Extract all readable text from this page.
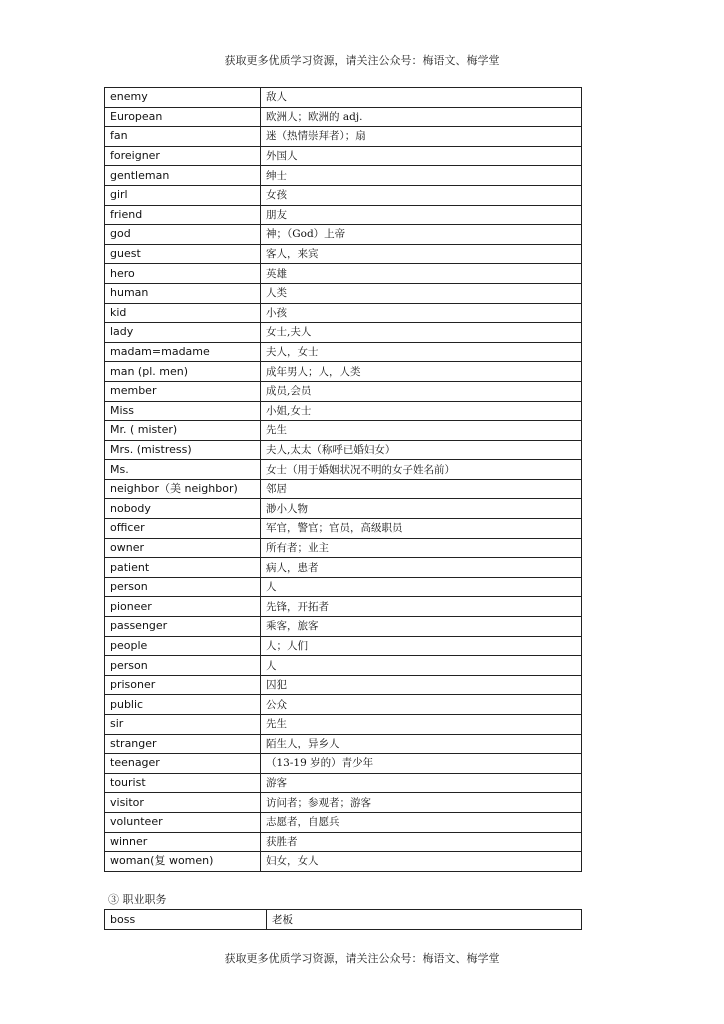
获取更多优质学习资源，请关注公众号：梅语文、梅学堂
enemy	敌人
European	欧洲人；欧洲的 adj.
fan	迷（热情崇拜者）；扇
foreigner	外国人
gentleman	绅士
girl	女孩
friend	朋友
god	神；（God）上帝
guest	客人，来宾
hero	英雄
human	人类
kid	小孩
lady	女士,夫人
madam=madame	夫人，女士
man (pl. men)	成年男人；人，人类
member	成员,会员
Miss	小姐,女士
Mr. ( mister)	先生
Mrs. (mistress)	夫人,太太（称呼已婚妇女）
Ms.	女士（用于婚姻状况不明的女子姓名前）
neighbor（美 neighbor)	邻居
nobody	渺小人物
officer	军官，警官；官员，高级职员
owner	所有者；业主
patient	病人，患者
person	人
pioneer	先锋，开拓者
passenger	乘客，旅客
people	人；人们
person	人
prisoner	囚犯
public	公众
sir	先生
stranger	陌生人，异乡人
teenager	（13-19 岁的）青少年
tourist	游客
visitor	访问者；参观者；游客
volunteer	志愿者，自愿兵
winner	获胜者
woman(复 women)	妇女，女人
③ 职业职务
boss	老板
获取更多优质学习资源，请关注公众号：梅语文、梅学堂
